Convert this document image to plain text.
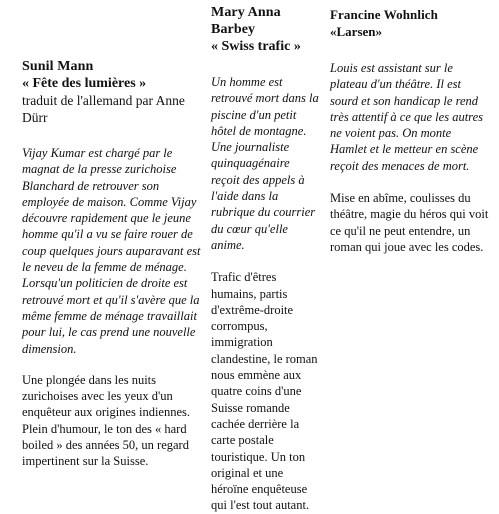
Sunil Mann

« Fête des lumières »

traduit de l'allemand par Anne Dürr

Vijay Kumar est chargé par le magnat de la presse zurichoise Blanchard de retrouver son employée de maison. Comme Vijay découvre rapidement que le jeune homme qu'il a vu se faire rouer de coup quelques jours auparavant est le neveu de la femme de ménage. Lorsqu'un politicien de droite est retrouvé mort et qu'il s'avère que la même femme de ménage travaillait pour lui, le cas prend une nouvelle dimension.

Une plongée dans les nuits zurichoises avec les yeux d'un enquêteur aux origines indiennes. Plein d'humour, le ton des « hard boiled » des années 50, un regard impertinent sur la Suisse.

Mary Anna Barbey

« Swiss trafic »

Un homme est retrouvé mort dans la piscine d'un petit hôtel de montagne. Une journaliste quinquagénaire reçoit des appels à l'aide dans la rubrique du courrier du cœur qu'elle anime.

Trafic d'êtres humains, partis d'extrême-droite corrompus, immigration clandestine, le roman nous emmène aux quatre coins d'une Suisse romande cachée derrière la carte postale touristique. Un ton original et une héroïne enquêteuse qui l'est tout autant.

Francine Wohnlich

«Larsen»

Louis est assistant sur le plateau d'un théâtre. Il est sourd et son handicap le rend très attentif à ce que les autres ne voient pas. On monte Hamlet et le metteur en scène reçoit des menaces de mort.

Mise en abîme, coulisses du théâtre, magie du héros qui voit ce qu'il ne peut entendre, un roman qui joue avec les codes.
